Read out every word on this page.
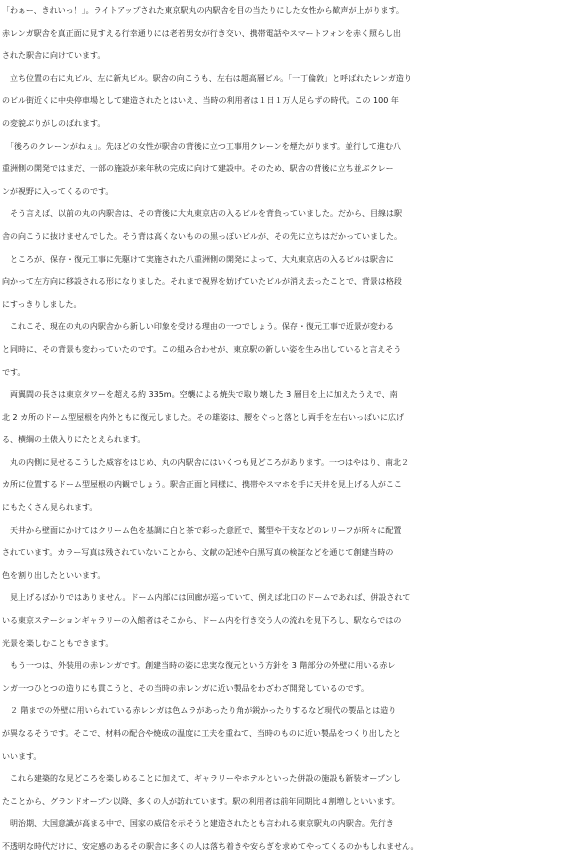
「わぁー、きれいっ！」。ライトアップされた東京駅丸の内駅舎を目の当たりにした女性から歓声が上がります。
赤レンガ駅舎を真正面に見すえる行幸通りには老若男女が行き交い、携帯電話やスマートフォンを赤く照らし出
された駅舎に向けています。
　立ち位置の右に丸ビル、左に新丸ビル。駅舎の向こうも、左右は超高層ビル。「一丁倫敦」と呼ばれたレンガ造り
のビル街近くに中央停車場として建造されたとはいえ、当時の利用者は１日１万人足らずの時代。この 100 年
の変貌ぶりがしのばれます。
　「後ろのクレーンがねぇ」。先ほどの女性が駅舎の背後に立つ工事用クレーンを煙たがります。並行して進む八
重洲側の開発ではまだ、一部の施設が来年秋の完成に向けて建設中。そのため、駅舎の背後に立ち並ぶクレー
ンが視野に入ってくるのです。
　そう言えば、以前の丸の内駅舎は、その背後に大丸東京店の入るビルを背負っていました。だから、目線は駅
舎の向こうに抜けませんでした。そう背は高くないものの黒っぽいビルが、その先に立ちはだかっていました。
　ところが、保存・復元工事に先駆けて実施された八重洲側の開発によって、大丸東京店の入るビルは駅舎に
向かって左方向に移設される形になりました。それまで視界を妨げていたビルが消え去ったことで、背景は格段
にすっきりしました。
　これこそ、現在の丸の内駅舎から新しい印象を受ける理由の一つでしょう。保存・復元工事で近景が変わる
と同時に、その背景も変わっていたのです。この組み合わせが、東京駅の新しい姿を生み出していると言えそう
です。
　両翼間の長さは東京タワーを超える約 335m。空襲による焼失で取り壊した 3 層目を上に加えたうえで、南
北 2 カ所のドーム型屋根を内外ともに復元しました。その雄姿は、腰をぐっと落とし両手を左右いっぱいに広げ
る、横綱の土俵入りにたとえられます。
　丸の内側に見せるこうした威容をはじめ、丸の内駅舎にはいくつも見どころがあります。一つはやはり、南北２
カ所に位置するドーム型屋根の内観でしょう。駅舎正面と同様に、携帯やスマホを手に天井を見上げる人がここ
にもたくさん見られます。
　天井から壁面にかけてはクリーム色を基調に白と茶で彩った意匠で、鷲型や干支などのレリーフが所々に配置
されています。カラー写真は残されていないことから、文献の記述や白黒写真の検証などを通じて創建当時の
色を割り出したといいます。
　見上げるばかりではありません。ドーム内部には回廊が巡っていて、例えば北口のドームであれば、併設されて
いる東京ステーションギャラリーの入館者はそこから、ドーム内を行き交う人の流れを見下ろし、駅ならではの
光景を楽しむこともできます。
　もう一つは、外装用の赤レンガです。創建当時の姿に忠実な復元という方針を 3 階部分の外壁に用いる赤レ
ンガ一つひとつの造りにも貫こうと、その当時の赤レンガに近い製品をわざわざ開発しているのです。
　２ 階までの外壁に用いられている赤レンガは色ムラがあったり角が鋭かったりするなど現代の製品とは造り
が異なるそうです。そこで、材料の配合や焼成の温度に工夫を重ねて、当時のものに近い製品をつくり出したと
いいます。
　これら建築的な見どころを楽しめることに加えて、ギャラリーやホテルといった併設の施設も新装オープンし
たことから、グランドオープン以降、多くの人が訪れています。駅の利用者は前年同期比４割増しといいます。
　明治期、大国意識が高まる中で、国家の威信を示そうと建造されたとも言われる東京駅丸の内駅舎。先行き
不透明な時代だけに、安定感のあるその駅舎に多くの人は落ち着きや安らぎを求めてやってくるのかもしれません。
